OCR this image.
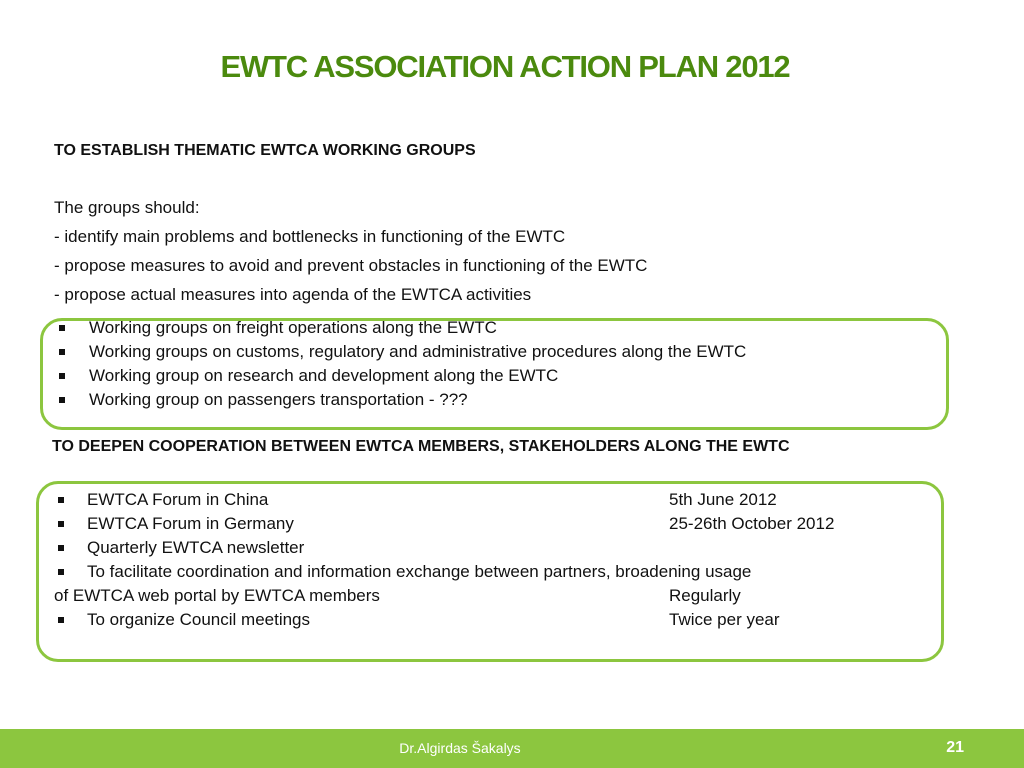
EWTC ASSOCIATION ACTION PLAN 2012
TO ESTABLISH THEMATIC EWTCA WORKING GROUPS
The groups should:
- identify main problems and bottlenecks in functioning of the EWTC
- propose measures to avoid and prevent obstacles in functioning of the EWTC
- propose actual measures into agenda of the EWTCA activities
Working groups on freight operations along the EWTC
Working groups on customs, regulatory and administrative procedures along the EWTC
Working group on research and development along the EWTC
Working group on passengers transportation - ???
TO DEEPEN COOPERATION BETWEEN EWTCA MEMBERS, STAKEHOLDERS ALONG THE EWTC
EWTCA Forum in China	5th June 2012
EWTCA Forum in Germany	25-26th October 2012
Quarterly EWTCA newsletter
To facilitate coordination and information exchange between partners, broadening usage
of EWTCA web portal by EWTCA members	Regularly
To organize Council meetings	Twice per year
Dr.Algirdas Šakalys	21
